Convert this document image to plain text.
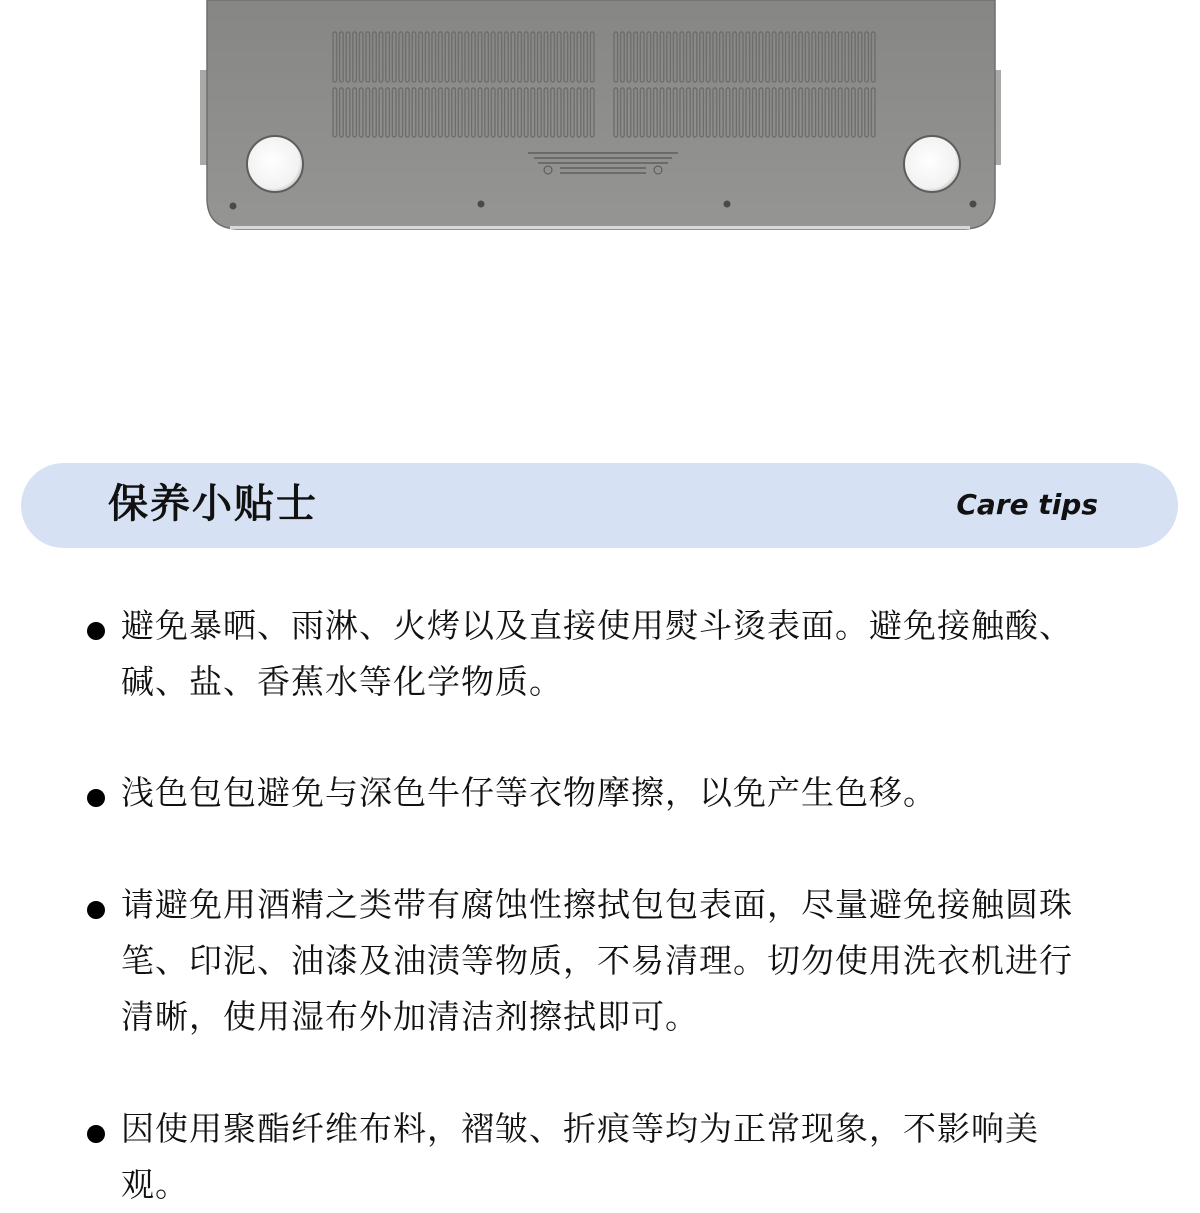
保养小贴士	Care tips
避免暴晒、雨淋、火烤以及直接使用熨斗烫表面。避免接触酸、碱、盐、香蕉水等化学物质。
浅色包包避免与深色牛仔等衣物摩擦，以免产生色移。
请避免用酒精之类带有腐蚀性擦拭包包表面，尽量避免接触圆珠笔、印泥、油漆及油渍等物质，不易清理。切勿使用洗衣机进行清晰，使用湿布外加清洁剂擦拭即可。
因使用聚酯纤维布料，褶皱、折痕等均为正常现象，不影响美观。
